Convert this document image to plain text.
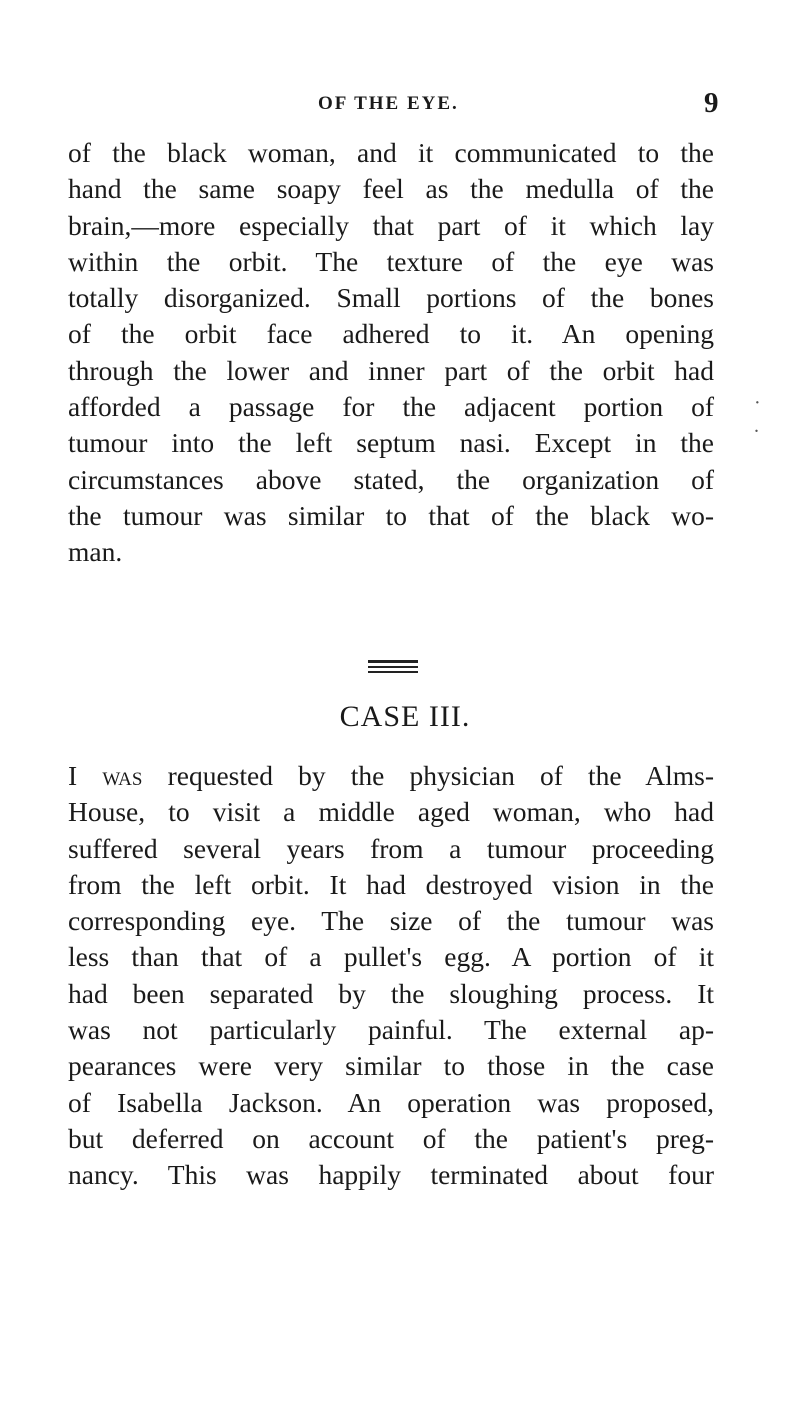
OF THE EYE.	9
· .
of the black woman, and it communicated to the
hand the same soapy feel as the medulla of the
brain,—more especially that part of it which lay
within the orbit. The texture of the eye was
totally disorganized. Small portions of the bones
of the orbit face adhered to it. An opening
through the lower and inner part of the orbit had
afforded a passage for the adjacent portion of
tumour into the left septum nasi. Except in the
circumstances above stated, the organization of
the tumour was similar to that of the black wo-
man.
CASE III.
I was requested by the physician of the Alms-
House, to visit a middle aged woman, who had
suffered several years from a tumour proceeding
from the left orbit. It had destroyed vision in the
corresponding eye. The size of the tumour was
less than that of a pullet's egg. A portion of it
had been separated by the sloughing process. It
was not particularly painful. The external ap-
pearances were very similar to those in the case
of Isabella Jackson. An operation was proposed,
but deferred on account of the patient's preg-
nancy. This was happily terminated about four
